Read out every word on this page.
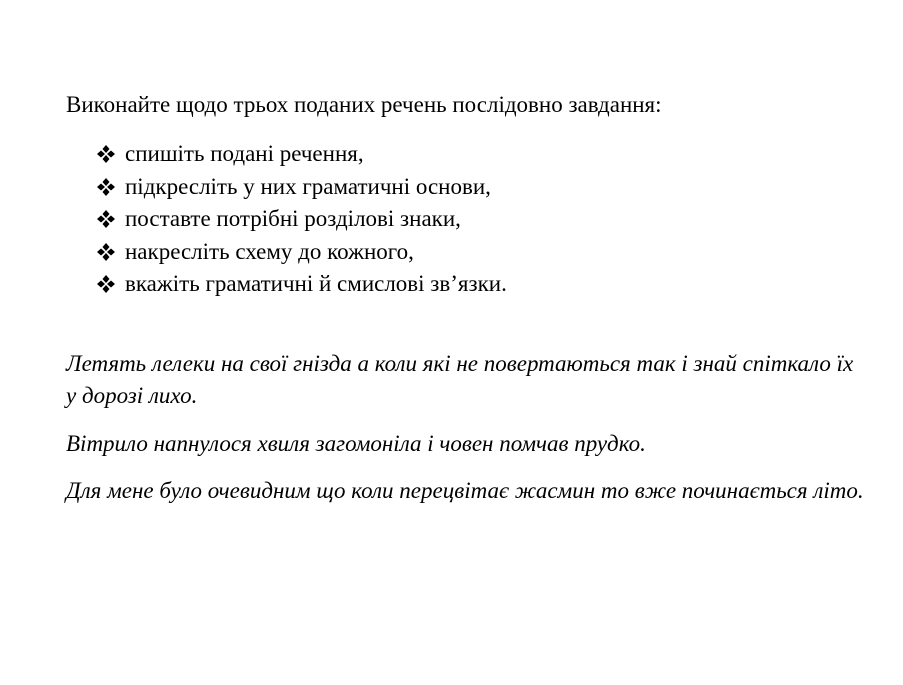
Виконайте щодо трьох поданих речень послідовно завдання:

спишіть подані речення,
підкресліть у них граматичні основи,
поставте потрібні розділові знаки,
накресліть схему до кожного,
вкажіть граматичні й смислові зв’язки.

Летять лелеки на свої гнізда а коли які не повертаються так і знай спіткало їх у дорозі лихо.

Вітрило напнулося хвиля загомоніла і човен помчав прудко.

Для мене було очевидним що коли перецвітає жасмин то вже починається літо.
